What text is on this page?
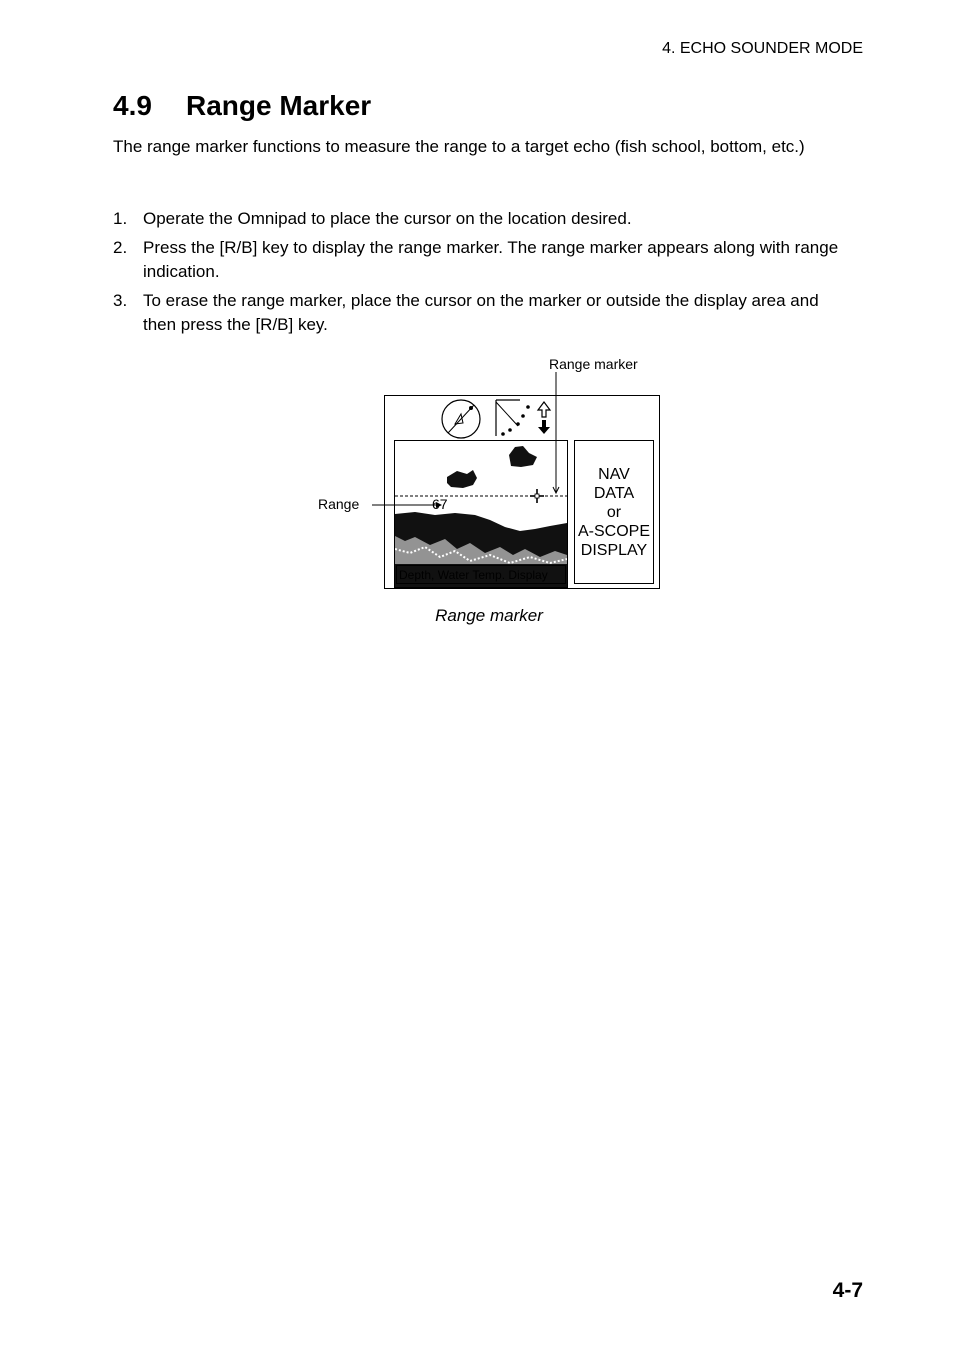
4. ECHO SOUNDER MODE
4.9 Range Marker

The range marker functions to measure the range to a target echo (fish school, bottom, etc.)

1. Operate the Omnipad to place the cursor on the location desired.
2. Press the [R/B] key to display the range marker. The range marker appears along with range indication.
3. To erase the range marker, place the cursor on the marker or outside the display area and then press the [R/B] key.
Range marker
Range	67
Depth, Water Temp. Display
NAV
DATA
or
A-SCOPE
DISPLAY
Range marker
4-7
